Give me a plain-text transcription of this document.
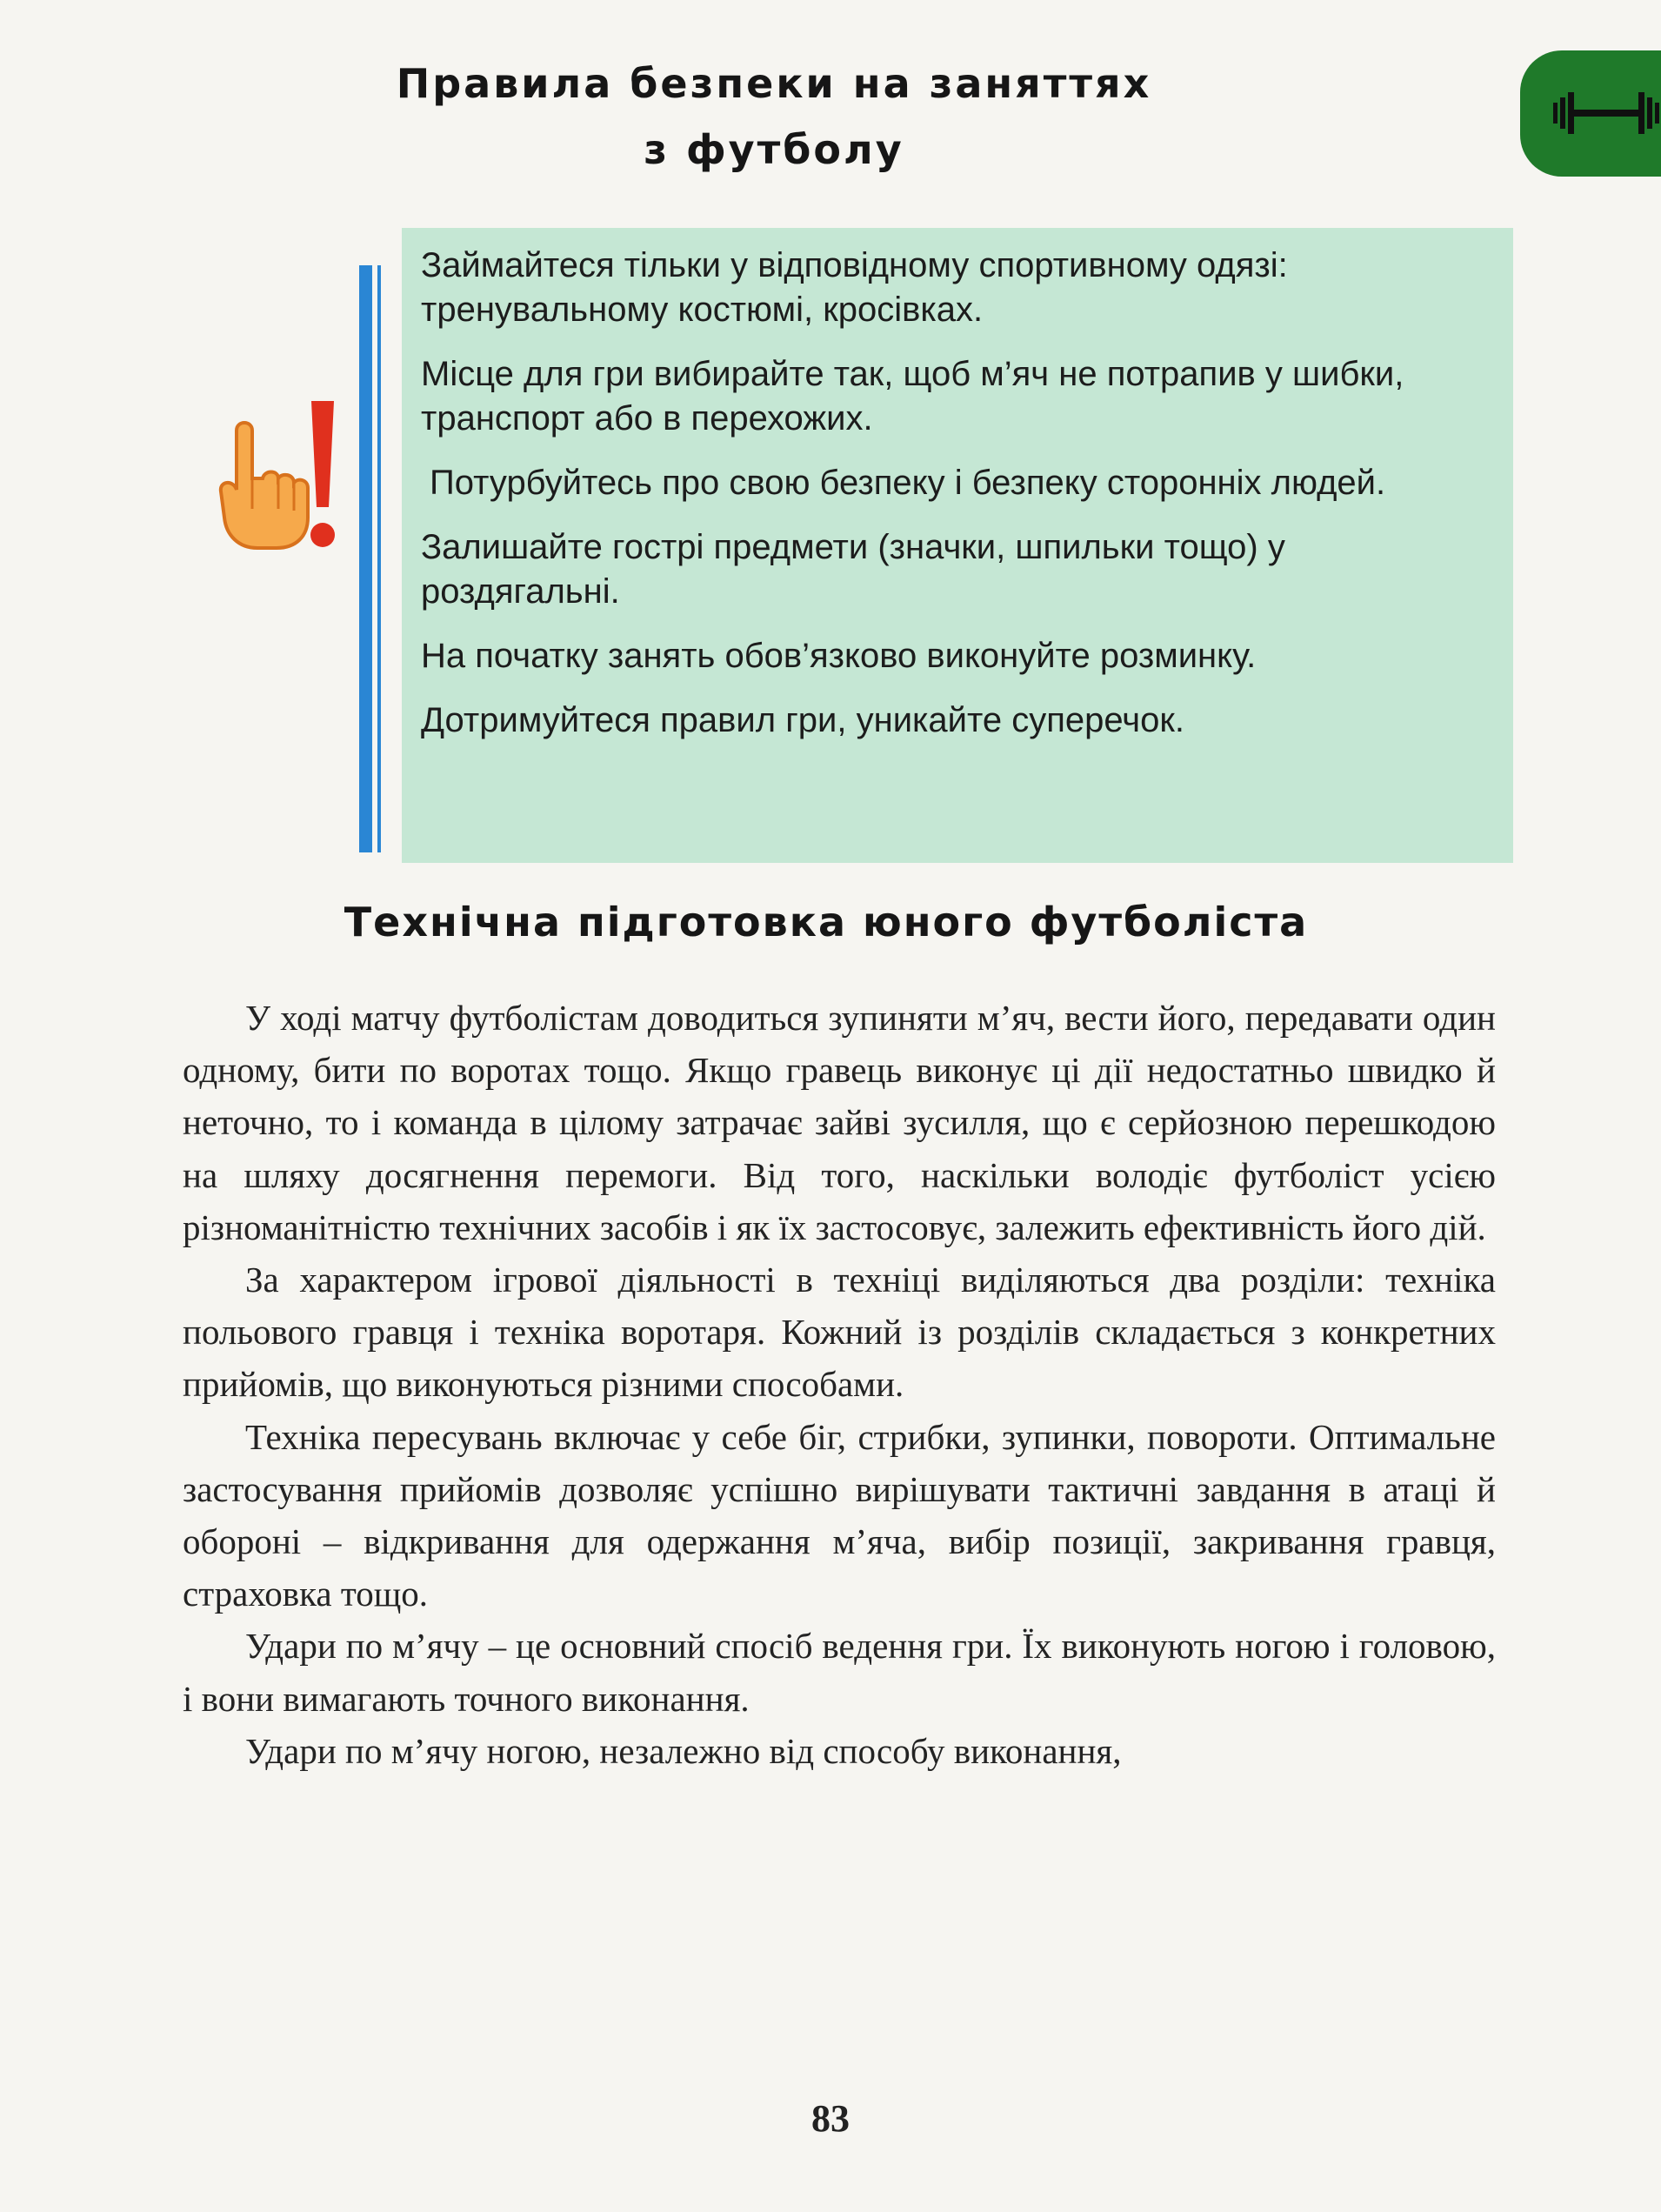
Правила безпеки на заняттях
з футболу

Займайтеся тільки у відповідному спортивному одязі: тренувальному костюмі, кросівках.

Місце для гри вибирайте так, щоб м’яч не потрапив у шибки, транспорт або в перехожих.

Потурбуйтесь про свою безпеку і безпеку сторонніх людей.

Залишайте гострі предмети (значки, шпильки тощо) у роздягальні.

На початку занять обов’язково виконуйте розминку.

Дотримуйтеся правил гри, уникайте суперечок.

Технічна підготовка юного футболіста

У ході матчу футболістам доводиться зупиняти м’яч, вести його, передавати один одному, бити по воротах тощо. Якщо гравець виконує ці дії недостатньо швидко й неточно, то і команда в цілому затрачає зайві зусилля, що є серйозною перешкодою на шляху досягнення перемоги. Від того, наскільки володіє футболіст усією різноманітністю технічних засобів і як їх застосовує, залежить ефективність його дій.

За характером ігрової діяльності в техніці виділяються два розділи: техніка польового гравця і техніка воротаря. Кожний із розділів складається з конкретних прийомів, що виконуються різними способами.

Техніка пересувань включає у себе біг, стрибки, зупинки, повороти. Оптимальне застосування прийомів дозволяє успішно вирішувати тактичні завдання в атаці й обороні – відкривання для одержання м’яча, вибір позиції, закривання гравця, страховка тощо.

Удари по м’ячу – це основний спосіб ведення гри. Їх виконують ногою і головою, і вони вимагають точного виконання.

Удари по м’ячу ногою, незалежно від способу виконання,

83
